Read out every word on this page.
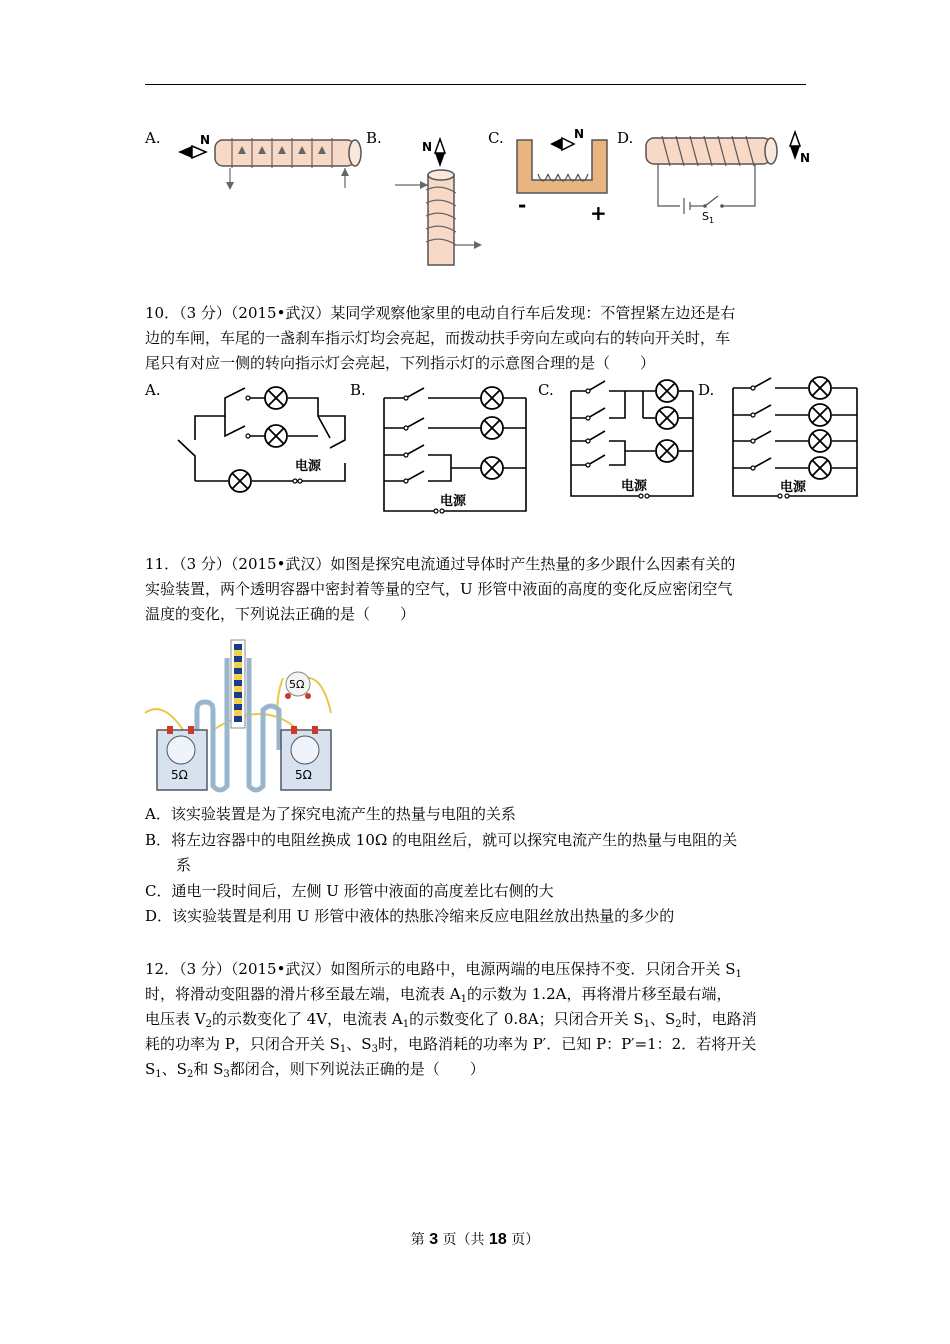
A.	B.	C.	D.
N	N
N
-	+	$S_1$
N
10．（3 分）（2015•武汉）某同学观察他家里的电动自行车后发现：不管捏紧左边还是右
边的车闸，车尾的一盏刹车指示灯均会亮起，而拨动扶手旁向左或向右的转向开关时，车
尾只有对应一侧的转向指示灯会亮起，下列指示灯的示意图合理的是（　　）
A.	B.	C.	D.
电源
电源
电源	电源
11．（3 分）（2015•武汉）如图是探究电流通过导体时产生热量的多少跟什么因素有关的
实验装置，两个透明容器中密封着等量的空气，U 形管中液面的高度的变化反应密闭空气
温度的变化，下列说法正确的是（　　）
5Ω
5Ω	5Ω
A．该实验装置是为了探究电流产生的热量与电阻的关系
B．将左边容器中的电阻丝换成 10Ω 的电阻丝后，就可以探究电流产生的热量与电阻的关
系
C．通电一段时间后，左侧 U 形管中液面的高度差比右侧的大
D．该实验装置是利用 U 形管中液体的热胀冷缩来反应电阻丝放出热量的多少的
12．（3 分）（2015•武汉）如图所示的电路中，电源两端的电压保持不变．只闭合开关 $S_1$
时，将滑动变阻器的滑片移至最左端，电流表 $A_1$的示数为 1.2A，再将滑片移至最右端，
电压表 $V_2$的示数变化了 4V，电流表 $A_1$的示数变化了 0.8A；只闭合开关 $S_1$、$S_2$时，电路消
耗的功率为 P，只闭合开关 $S_1$、$S_3$时，电路消耗的功率为 P′．已知 P：P′=1：2．若将开关
$S_1$、$S_2$和 $S_3$都闭合，则下列说法正确的是（　　）
第 3 页（共 18 页）
